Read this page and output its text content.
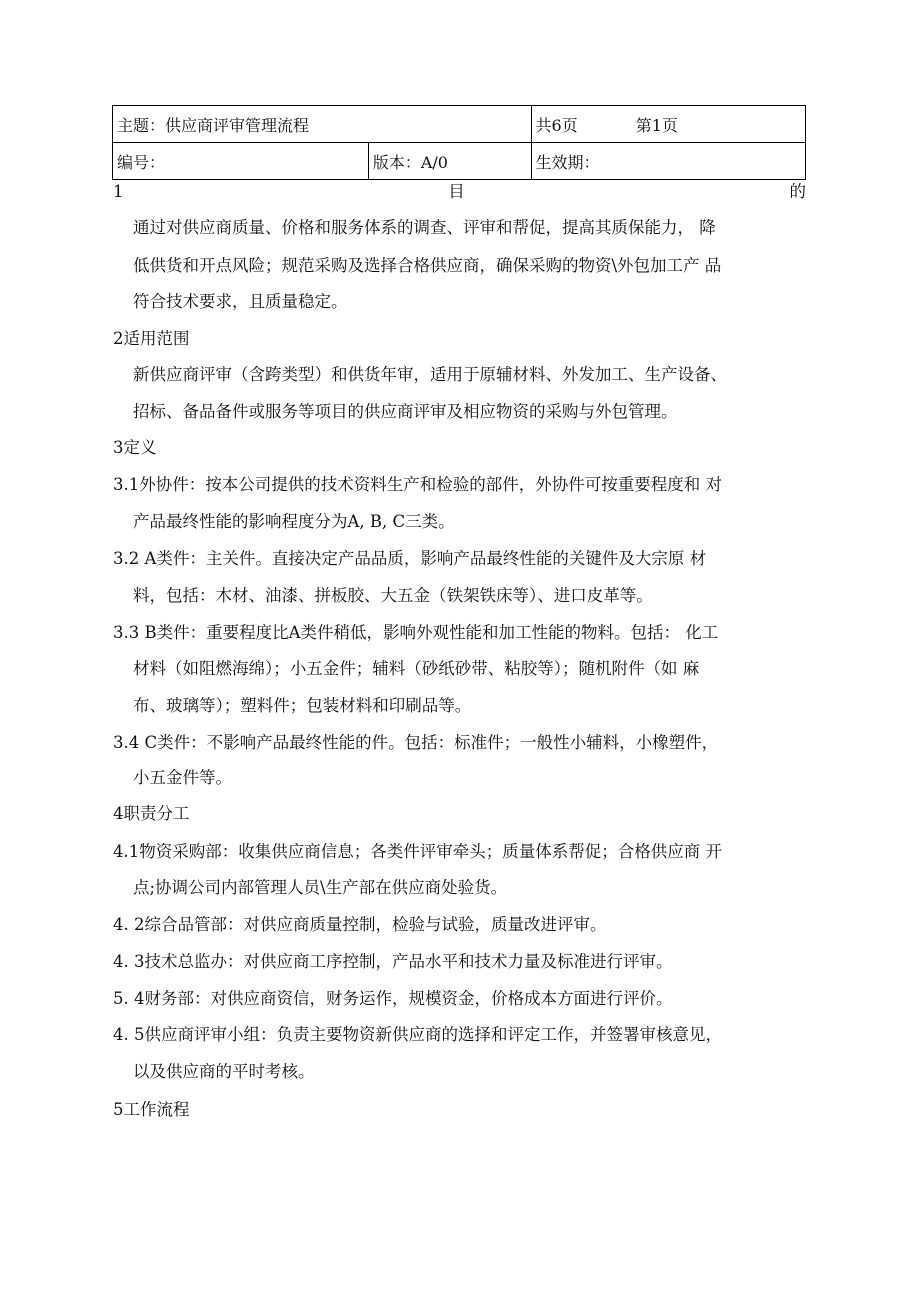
主题：供应商评审管理流程		共6页 第1页
编号：	版本：A/0	生效期：
1	目	的
通过对供应商质量、价格和服务体系的调查、评审和帮促，提高其质保能力， 降
低供货和开点风险；规范采购及选择合格供应商，确保采购的物资\外包加工产 品
符合技术要求，且质量稳定。
2适用范围
新供应商评审（含跨类型）和供货年审，适用于原辅材料、外发加工、生产设备、
招标、备品备件或服务等项目的供应商评审及相应物资的采购与外包管理。
3定义
3.1外协件：按本公司提供的技术资料生产和检验的部件，外协件可按重要程度和 对
产品最终性能的影响程度分为A, B, C三类。
3.2 A类件：主关件。直接决定产品品质，影响产品最终性能的关键件及大宗原 材
料，包括：木材、油漆、拼板胶、大五金（铁架铁床等）、进口皮革等。
3.3 B类件：重要程度比A类件稍低，影响外观性能和加工性能的物料。包括： 化工
材料（如阻燃海绵）；小五金件；辅料（砂纸砂带、粘胶等）；随机附件（如 麻
布、玻璃等）；塑料件；包装材料和印刷品等。
3.4 C类件：不影响产品最终性能的件。包括：标准件；一般性小辅料，小橡塑件，
小五金件等。
4职责分工
4.1物资采购部：收集供应商信息；各类件评审牵头；质量体系帮促；合格供应商 开
点;协调公司内部管理人员\生产部在供应商处验货。
4. 2综合品管部：对供应商质量控制，检验与试验，质量改进评审。
4. 3技术总监办：对供应商工序控制，产品水平和技术力量及标准进行评审。
5. 4财务部：对供应商资信，财务运作，规模资金，价格成本方面进行评价。
4. 5供应商评审小组：负责主要物资新供应商的选择和评定工作，并签署审核意见，
以及供应商的平时考核。
5工作流程
